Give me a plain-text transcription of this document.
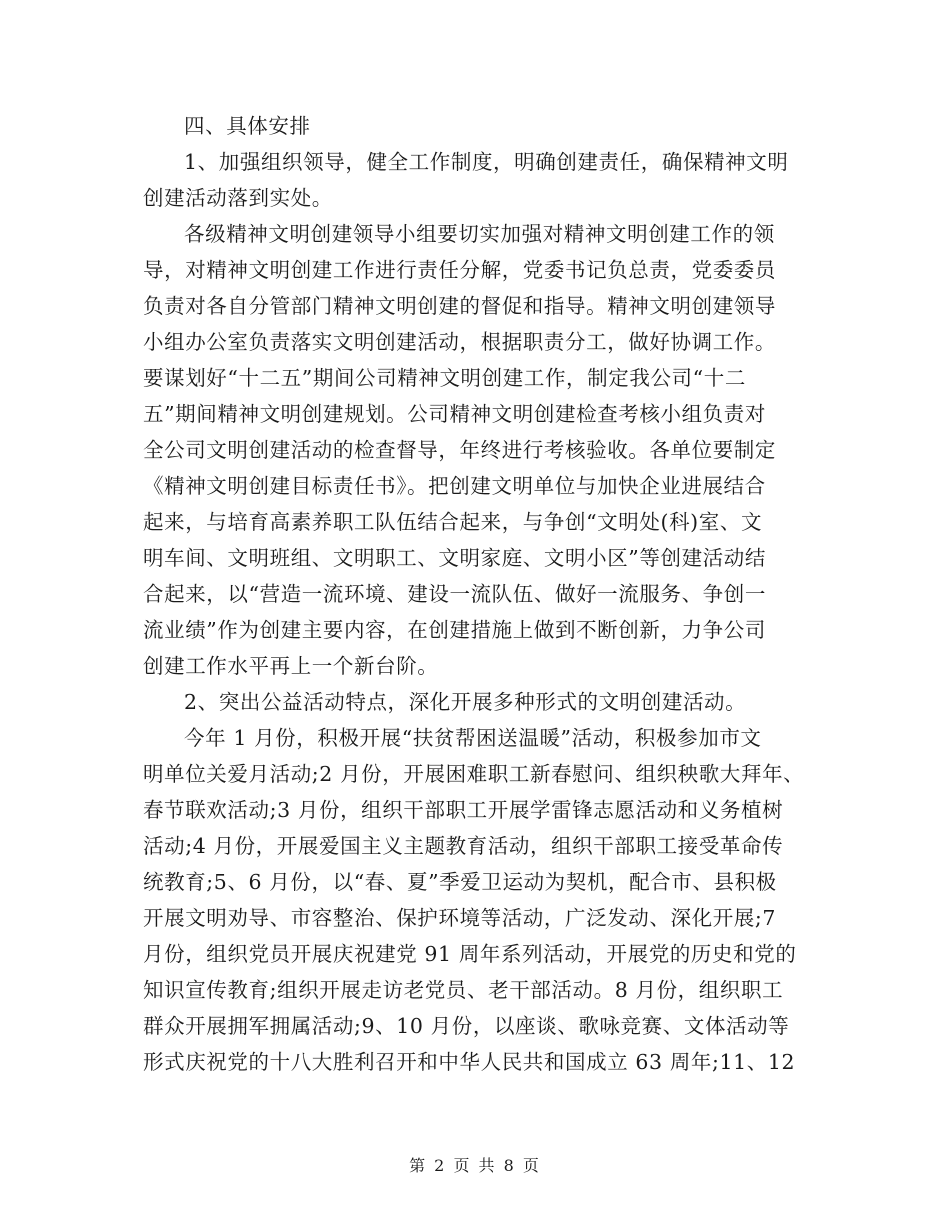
四、具体安排

1、加强组织领导，健全工作制度，明确创建责任，确保精神文明
创建活动落到实处。

各级精神文明创建领导小组要切实加强对精神文明创建工作的领
导，对精神文明创建工作进行责任分解，党委书记负总责，党委委员
负责对各自分管部门精神文明创建的督促和指导。精神文明创建领导
小组办公室负责落实文明创建活动，根据职责分工，做好协调工作。
要谋划好“十二五”期间公司精神文明创建工作，制定我公司“十二
五”期间精神文明创建规划。公司精神文明创建检查考核小组负责对
全公司文明创建活动的检查督导，年终进行考核验收。各单位要制定
《精神文明创建目标责任书》。把创建文明单位与加快企业进展结合
起来，与培育高素养职工队伍结合起来，与争创“文明处(科)室、文
明车间、文明班组、文明职工、文明家庭、文明小区”等创建活动结
合起来，以“营造一流环境、建设一流队伍、做好一流服务、争创一
流业绩”作为创建主要内容，在创建措施上做到不断创新，力争公司
创建工作水平再上一个新台阶。

2、突出公益活动特点，深化开展多种形式的文明创建活动。

今年 1 月份，积极开展“扶贫帮困送温暖”活动，积极参加市文
明单位关爱月活动;2 月份，开展困难职工新春慰问、组织秧歌大拜年、
春节联欢活动;3 月份，组织干部职工开展学雷锋志愿活动和义务植树
活动;4 月份，开展爱国主义主题教育活动，组织干部职工接受革命传
统教育;5、6 月份，以“春、夏”季爱卫运动为契机，配合市、县积极
开展文明劝导、市容整治、保护环境等活动，广泛发动、深化开展;7
月份，组织党员开展庆祝建党 91 周年系列活动，开展党的历史和党的
知识宣传教育;组织开展走访老党员、老干部活动。8 月份，组织职工
群众开展拥军拥属活动;9、10 月份，以座谈、歌咏竞赛、文体活动等
形式庆祝党的十八大胜利召开和中华人民共和国成立 63 周年;11、12

第 2 页 共 8 页
